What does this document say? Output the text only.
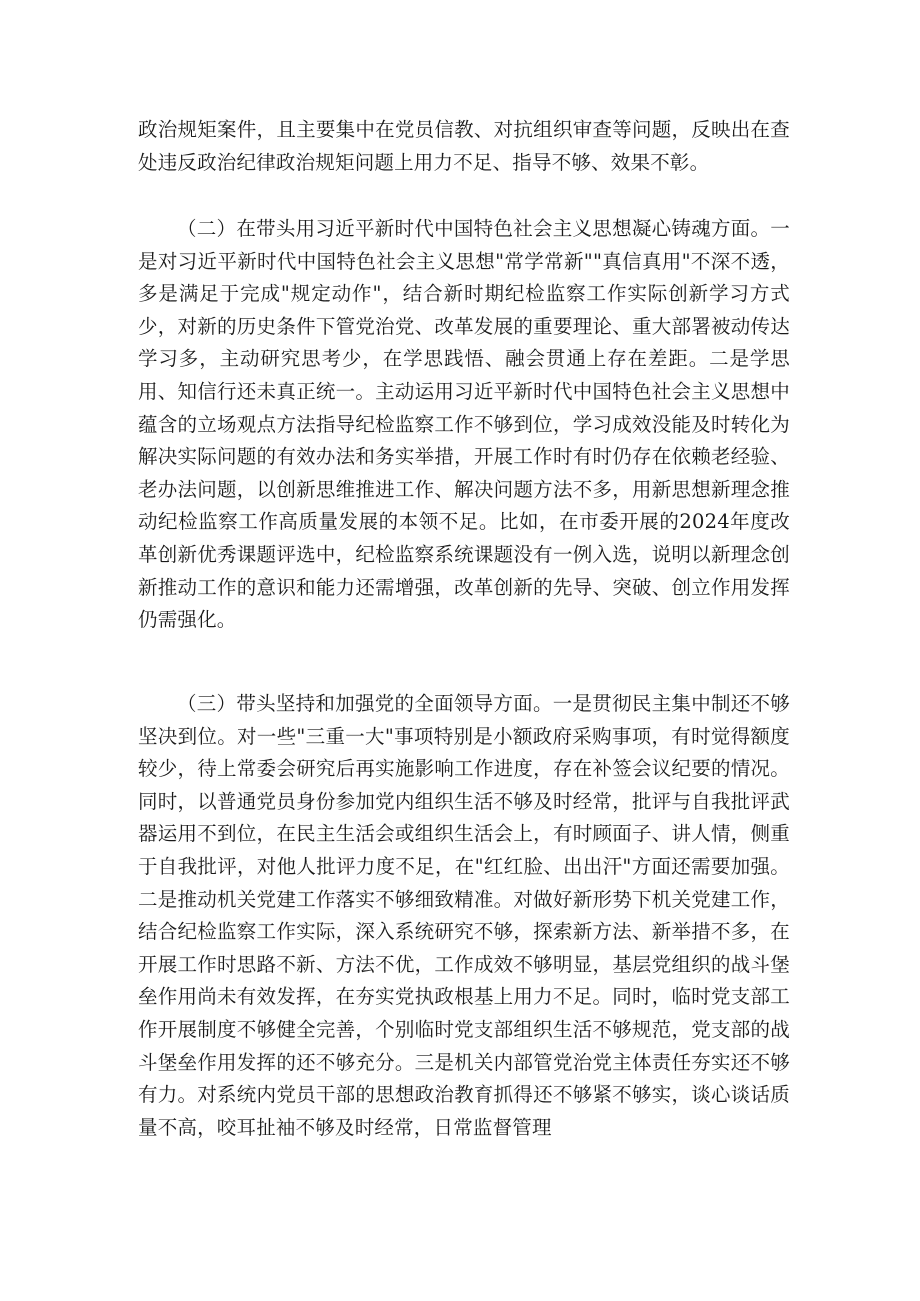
政治规矩案件，且主要集中在党员信教、对抗组织审查等问题，反映出在查处违反政治纪律政治规矩问题上用力不足、指导不够、效果不彰。

（二）在带头用习近平新时代中国特色社会主义思想凝心铸魂方面。一是对习近平新时代中国特色社会主义思想"常学常新""真信真用"不深不透，多是满足于完成"规定动作"，结合新时期纪检监察工作实际创新学习方式少，对新的历史条件下管党治党、改革发展的重要理论、重大部署被动传达学习多，主动研究思考少，在学思践悟、融会贯通上存在差距。二是学思用、知信行还未真正统一。主动运用习近平新时代中国特色社会主义思想中蕴含的立场观点方法指导纪检监察工作不够到位，学习成效没能及时转化为解决实际问题的有效办法和务实举措，开展工作时有时仍存在依赖老经验、老办法问题，以创新思维推进工作、解决问题方法不多，用新思想新理念推动纪检监察工作高质量发展的本领不足。比如，在市委开展的2024年度改革创新优秀课题评选中，纪检监察系统课题没有一例入选，说明以新理念创新推动工作的意识和能力还需增强，改革创新的先导、突破、创立作用发挥仍需强化。

（三）带头坚持和加强党的全面领导方面。一是贯彻民主集中制还不够坚决到位。对一些"三重一大"事项特别是小额政府采购事项，有时觉得额度较少，待上常委会研究后再实施影响工作进度，存在补签会议纪要的情况。同时，以普通党员身份参加党内组织生活不够及时经常，批评与自我批评武器运用不到位，在民主生活会或组织生活会上，有时顾面子、讲人情，侧重于自我批评，对他人批评力度不足，在"红红脸、出出汗"方面还需要加强。二是推动机关党建工作落实不够细致精准。对做好新形势下机关党建工作，结合纪检监察工作实际，深入系统研究不够，探索新方法、新举措不多，在开展工作时思路不新、方法不优，工作成效不够明显，基层党组织的战斗堡垒作用尚未有效发挥，在夯实党执政根基上用力不足。同时，临时党支部工作开展制度不够健全完善，个别临时党支部组织生活不够规范，党支部的战斗堡垒作用发挥的还不够充分。三是机关内部管党治党主体责任夯实还不够有力。对系统内党员干部的思想政治教育抓得还不够紧不够实，谈心谈话质量不高，咬耳扯袖不够及时经常，日常监督管理
